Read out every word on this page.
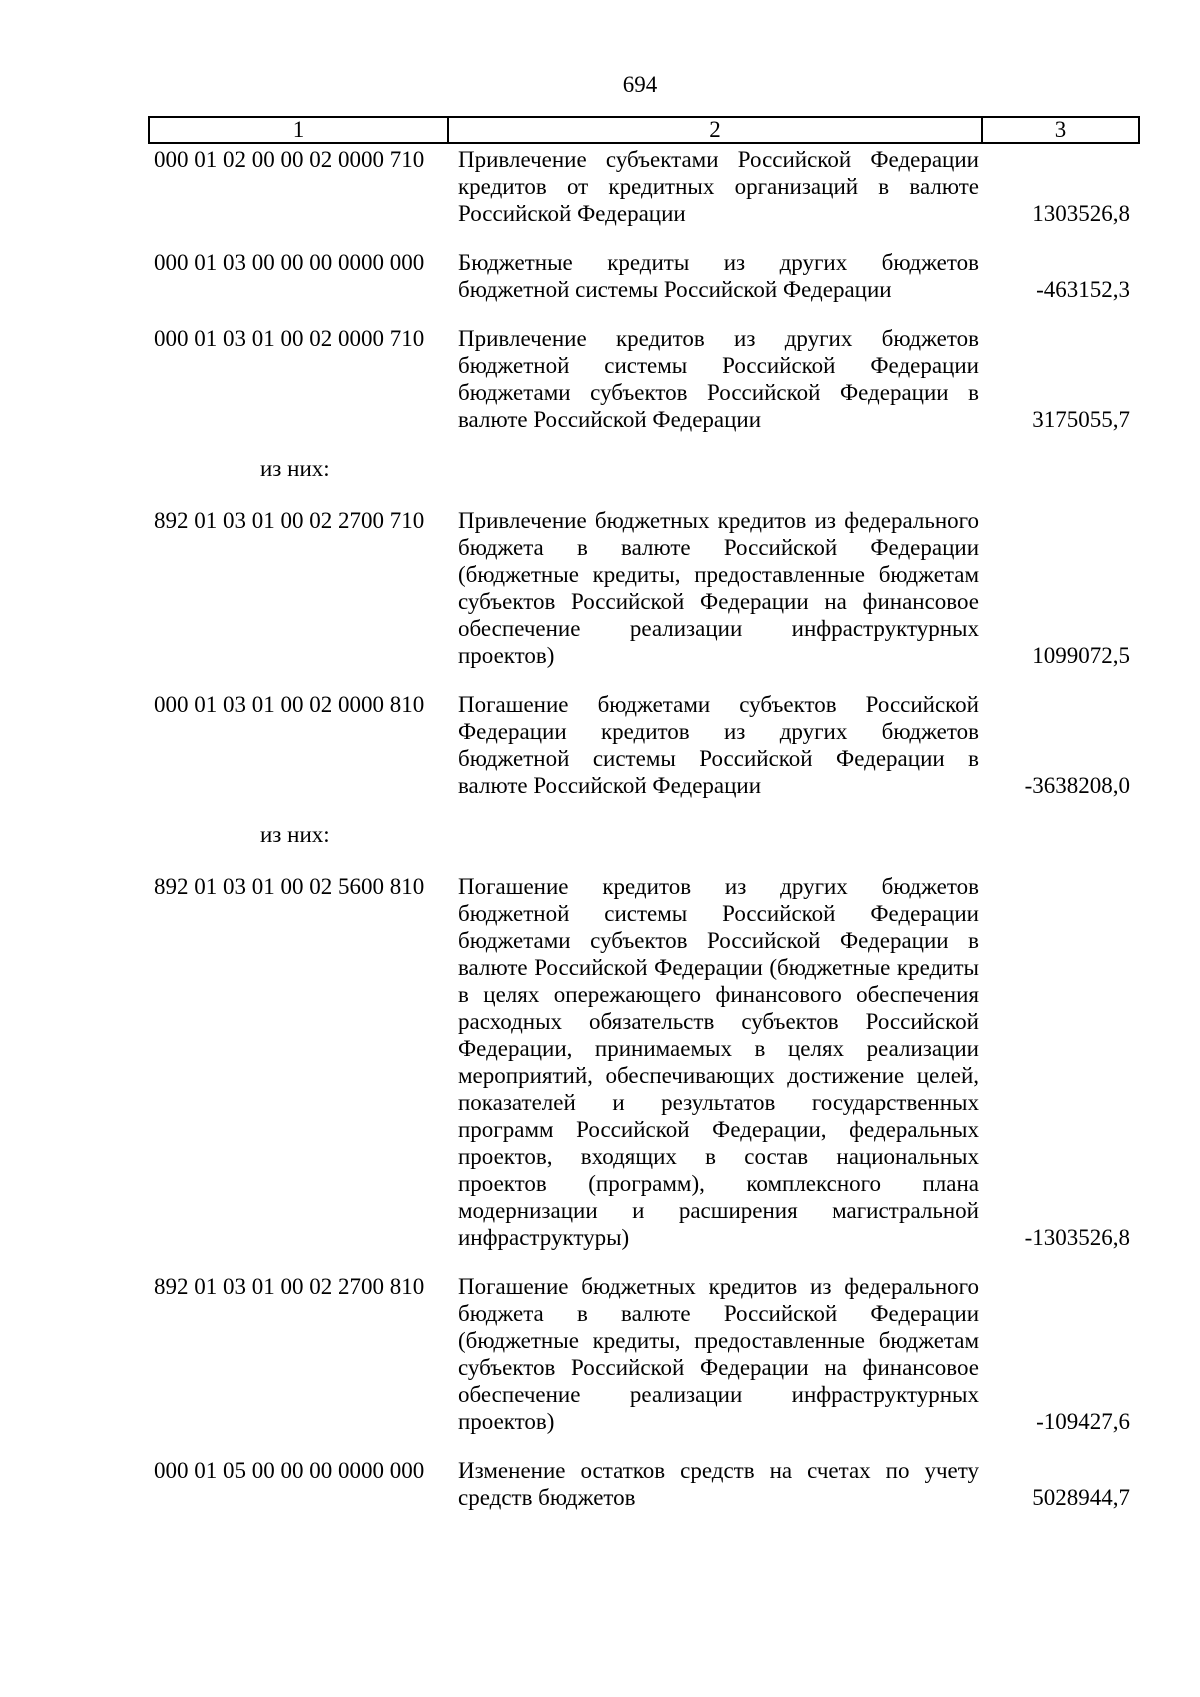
694
1	2	3
000 01 02 00 00 02 0000 710	Привлечение субъектами Российской Федерации кредитов от кредитных организаций в валюте Российской Федерации	1303526,8
000 01 03 00 00 00 0000 000	Бюджетные кредиты из других бюджетов бюджетной системы Российской Федерации	-463152,3
000 01 03 01 00 02 0000 710	Привлечение кредитов из других бюджетов бюджетной системы Российской Федерации бюджетами субъектов Российской Федерации в валюте Российской Федерации	3175055,7
из них:
892 01 03 01 00 02 2700 710	Привлечение бюджетных кредитов из федерального бюджета в валюте Российской Федерации (бюджетные кредиты, предоставленные бюджетам субъектов Российской Федерации на финансовое обеспечение реализации инфраструктурных проектов)	1099072,5
000 01 03 01 00 02 0000 810	Погашение бюджетами субъектов Российской Федерации кредитов из других бюджетов бюджетной системы Российской Федерации в валюте Российской Федерации	-3638208,0
из них:
892 01 03 01 00 02 5600 810	Погашение кредитов из других бюджетов бюджетной системы Российской Федерации бюджетами субъектов Российской Федерации в валюте Российской Федерации (бюджетные кредиты в целях опережающего финансового обеспечения расходных обязательств субъектов Российской Федерации, принимаемых в целях реализации мероприятий, обеспечивающих достижение целей, показателей и результатов государственных программ Российской Федерации, федеральных проектов, входящих в состав национальных проектов (программ), комплексного плана модернизации и расширения магистральной инфраструктуры)	-1303526,8
892 01 03 01 00 02 2700 810	Погашение бюджетных кредитов из федерального бюджета в валюте Российской Федерации (бюджетные кредиты, предоставленные бюджетам субъектов Российской Федерации на финансовое обеспечение реализации инфраструктурных проектов)	-109427,6
000 01 05 00 00 00 0000 000	Изменение остатков средств на счетах по учету средств бюджетов	5028944,7
